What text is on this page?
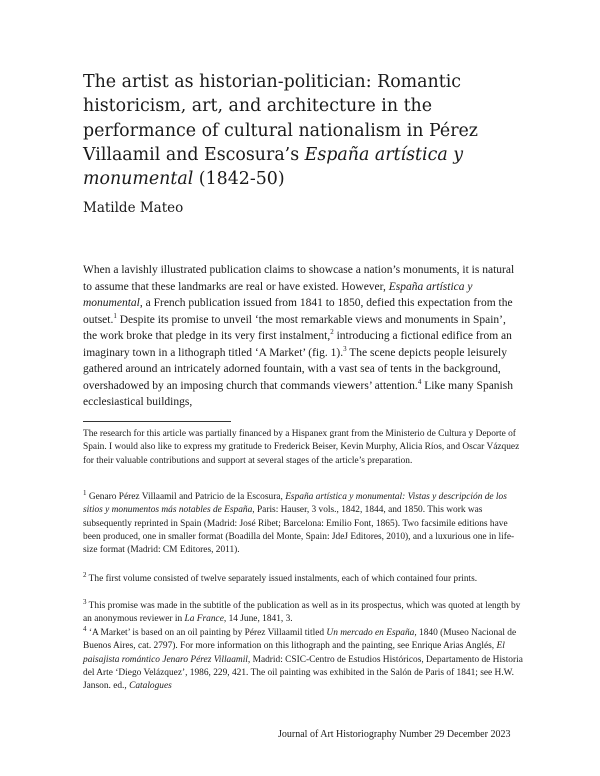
The artist as historian-politician: Romantic historicism, art, and architecture in the performance of cultural nationalism in Pérez Villaamil and Escosura’s España artística y monumental (1842-50)

Matilde Mateo

When a lavishly illustrated publication claims to showcase a nation’s monuments, it is natural to assume that these landmarks are real or have existed. However, España artística y monumental, a French publication issued from 1841 to 1850, defied this expectation from the outset.$^1$ Despite its promise to unveil ‘the most remarkable views and monuments in Spain’, the work broke that pledge in its very first instalment,$^2$ introducing a fictional edifice from an imaginary town in a lithograph titled ‘A Market’ (fig. 1).$^3$ The scene depicts people leisurely gathered around an intricately adorned fountain, with a vast sea of tents in the background, overshadowed by an imposing church that commands viewers’ attention.$^4$ Like many Spanish ecclesiastical buildings,

The research for this article was partially financed by a Hispanex grant from the Ministerio de Cultura y Deporte of Spain. I would also like to express my gratitude to Frederick Beiser, Kevin Murphy, Alicia Ríos, and Oscar Vázquez for their valuable contributions and support at several stages of the article’s preparation.

$^1$ Genaro Pérez Villaamil and Patricio de la Escosura, España artística y monumental: Vistas y descripción de los sitios y monumentos más notables de España, Paris: Hauser, 3 vols., 1842, 1844, and 1850. This work was subsequently reprinted in Spain (Madrid: José Ribet; Barcelona: Emilio Font, 1865). Two facsimile editions have been produced, one in smaller format (Boadilla del Monte, Spain: JdeJ Editores, 2010), and a luxurious one in life-size format (Madrid: CM Editores, 2011).

$^2$ The first volume consisted of twelve separately issued instalments, each of which contained four prints.

$^3$ This promise was made in the subtitle of the publication as well as in its prospectus, which was quoted at length by an anonymous reviewer in La France, 14 June, 1841, 3.

$^4$ ‘A Market’ is based on an oil painting by Pérez Villaamil titled Un mercado en España, 1840 (Museo Nacional de Buenos Aires, cat. 2797). For more information on this lithograph and the painting, see Enrique Arias Anglés, El paisajista romántico Jenaro Pérez Villaamil, Madrid: CSIC-Centro de Estudios Históricos, Departamento de Historia del Arte ‘Diego Velázquez’, 1986, 229, 421. The oil painting was exhibited in the Salón de Paris of 1841; see H.W. Janson. ed., Catalogues

Journal of Art Historiography Number 29 December 2023
